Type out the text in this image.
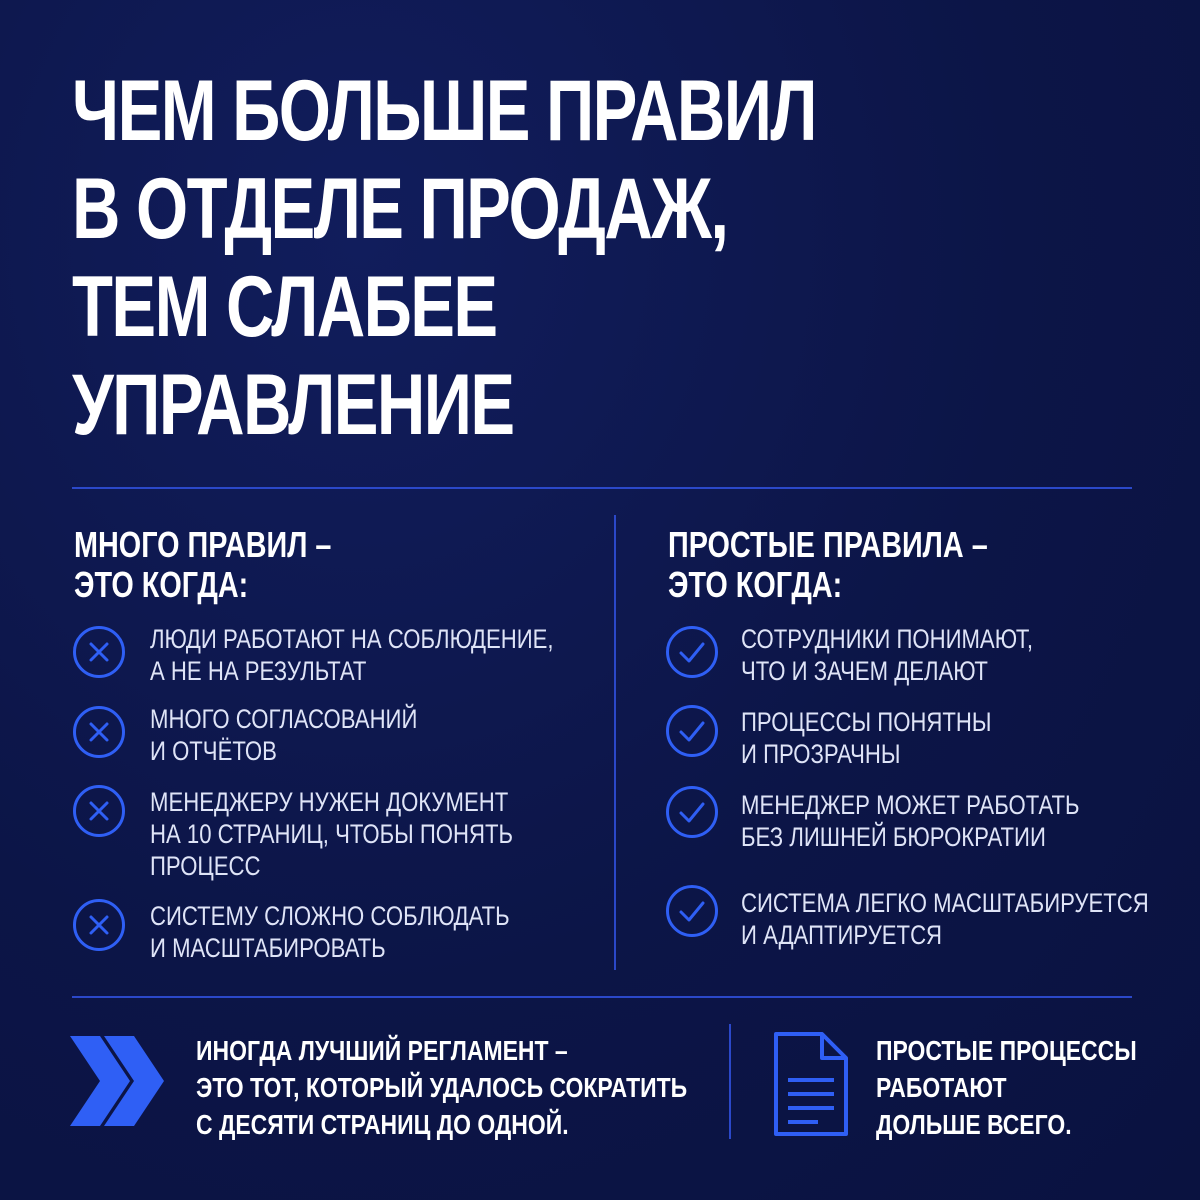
ЧЕМ БОЛЬШЕ ПРАВИЛ
В ОТДЕЛЕ ПРОДАЖ,
ТЕМ СЛАБЕЕ
УПРАВЛЕНИЕ
МНОГО ПРАВИЛ –
ЭТО КОГДА:
ЛЮДИ РАБОТАЮТ НА СОБЛЮДЕНИЕ,
А НЕ НА РЕЗУЛЬТАТ
МНОГО СОГЛАСОВАНИЙ
И ОТЧЁТОВ
МЕНЕДЖЕРУ НУЖЕН ДОКУМЕНТ
НА 10 СТРАНИЦ, ЧТОБЫ ПОНЯТЬ
ПРОЦЕСС
СИСТЕМУ СЛОЖНО СОБЛЮДАТЬ
И МАСШТАБИРОВАТЬ
ПРОСТЫЕ ПРАВИЛА –
ЭТО КОГДА:
СОТРУДНИКИ ПОНИМАЮТ,
ЧТО И ЗАЧЕМ ДЕЛАЮТ
ПРОЦЕССЫ ПОНЯТНЫ
И ПРОЗРАЧНЫ
МЕНЕДЖЕР МОЖЕТ РАБОТАТЬ
БЕЗ ЛИШНЕЙ БЮРОКРАТИИ
СИСТЕМА ЛЕГКО МАСШТАБИРУЕТСЯ
И АДАПТИРУЕТСЯ

ИНОГДА ЛУЧШИЙ РЕГЛАМЕНТ –
ЭТО ТОТ, КОТОРЫЙ УДАЛОСЬ СОКРАТИТЬ
С ДЕСЯТИ СТРАНИЦ ДО ОДНОЙ.

ПРОСТЫЕ ПРОЦЕССЫ
РАБОТАЮТ
ДОЛЬШЕ ВСЕГО.
